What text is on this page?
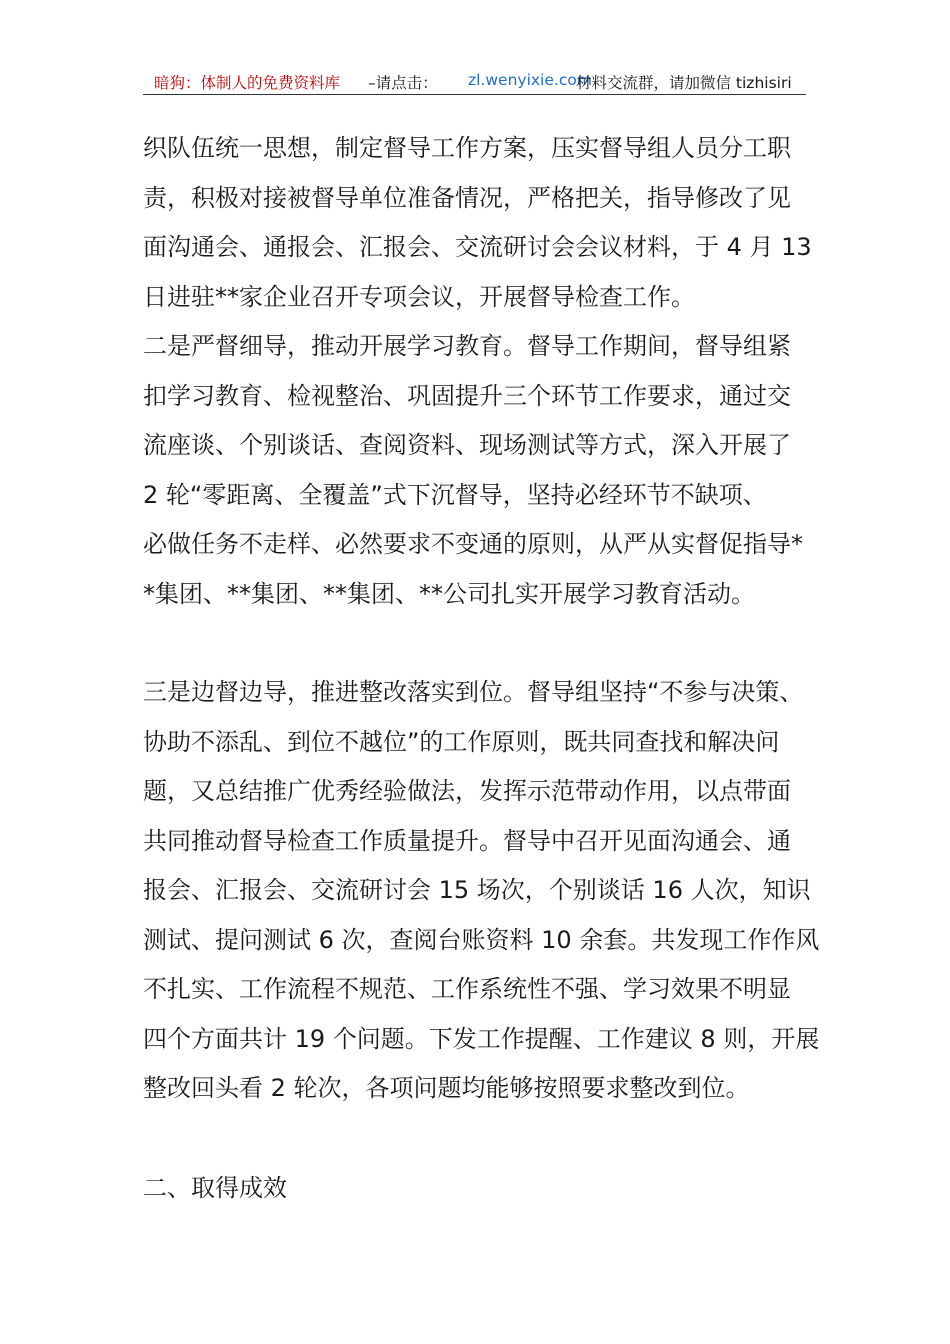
暗狗：体制人的免费资料库 –请点击： zl.wenyixie.com
材料交流群，请加微信 tizhisiri
织队伍统一思想，制定督导工作方案，压实督导组人员分工职
责，积极对接被督导单位准备情况，严格把关，指导修改了见
面沟通会、通报会、汇报会、交流研讨会会议材料，于 4 月 13
日进驻**家企业召开专项会议，开展督导检查工作。
二是严督细导，推动开展学习教育。督导工作期间，督导组紧
扣学习教育、检视整治、巩固提升三个环节工作要求，通过交
流座谈、个别谈话、查阅资料、现场测试等方式，深入开展了
2 轮“零距离、全覆盖”式下沉督导，坚持必经环节不缺项、
必做任务不走样、必然要求不变通的原则，从严从实督促指导*
*集团、**集团、**集团、**公司扎实开展学习教育活动。
三是边督边导，推进整改落实到位。督导组坚持“不参与决策、
协助不添乱、到位不越位”的工作原则，既共同查找和解决问
题，又总结推广优秀经验做法，发挥示范带动作用，以点带面
共同推动督导检查工作质量提升。督导中召开见面沟通会、通
报会、汇报会、交流研讨会 15 场次，个别谈话 16 人次，知识
测试、提问测试 6 次，查阅台账资料 10 余套。共发现工作作风
不扎实、工作流程不规范、工作系统性不强、学习效果不明显
四个方面共计 19 个问题。下发工作提醒、工作建议 8 则，开展
整改回头看 2 轮次，各项问题均能够按照要求整改到位。
二、取得成效
